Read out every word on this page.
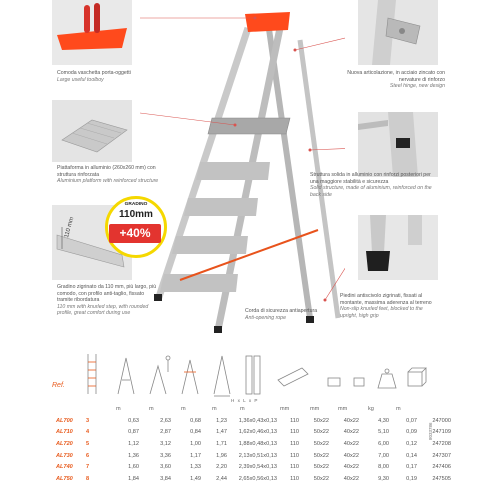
110 mm
GRADINO
110mm
+40%
Comoda vaschetta porta-oggetti
Large useful toolboy
Piattaforma in alluminio (260x260 mm) con struttura rinforzata
Aluminium platform with reinforced structure
Gradino zigrinato da 110 mm, più largo, più comodo, con profilo anti-taglio, fissato tramite ribordatura
110 mm with knurled step, with rounded profile, great comfort during use
Nuova articolazione, in acciaio zincato con nervature di rinforzo
Steel hinge, new design
Struttura solida in alluminio con rinforzi posteriori per una maggiore stabilità e sicurezza
Solid structure, made of aluminium, reinforced on the back side
Corda di sicurezza antiapertura
Anti-opening rope
Piedini antiscivolo zigrinati, fissati al montante, massima aderenza al terreno
Non-slip knurled feet, blocked to the upright, high grip
Ref.
H x L x P
m	m	m	m	m	mm	mm	mm	kg	m
8033786
AL700	3	0,63	2,63	0,68	1,23	1,36x0,43x0,13	110	50x22	40x22	4,30	0,07	247000
AL710	4	0,87	2,87	0,84	1,47	1,62x0,46x0,13	110	50x22	40x22	5,10	0,09	247109
AL720	5	1,12	3,12	1,00	1,71	1,88x0,48x0,13	110	50x22	40x22	6,00	0,12	247208
AL730	6	1,36	3,36	1,17	1,96	2,13x0,51x0,13	110	50x22	40x22	7,00	0,14	247307
AL740	7	1,60	3,60	1,33	2,20	2,39x0,54x0,13	110	50x22	40x22	8,00	0,17	247406
AL750	8	1,84	3,84	1,49	2,44	2,65x0,56x0,13	110	50x22	40x22	9,30	0,19	247505
